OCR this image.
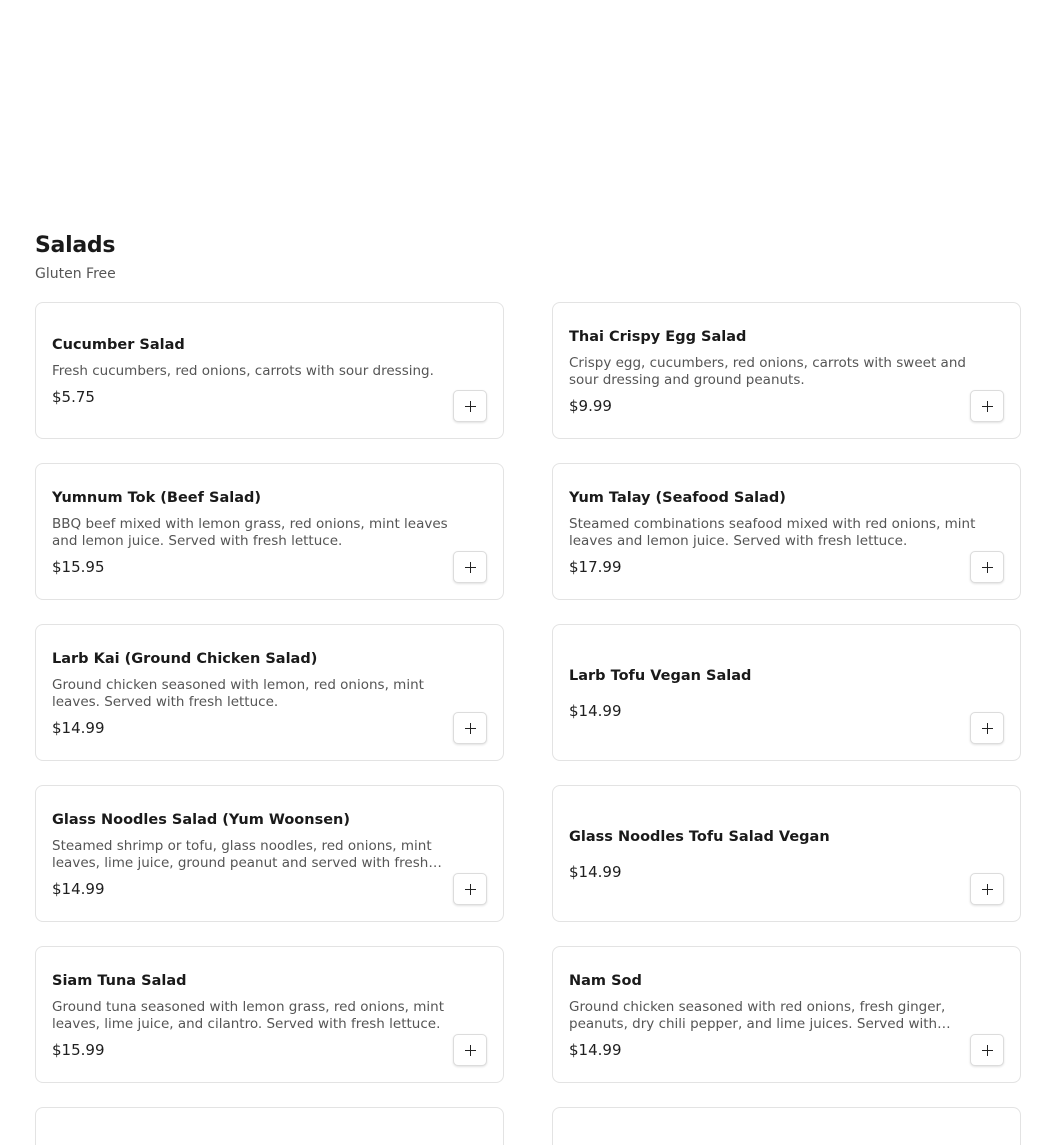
Salads
Gluten Free
Cucumber Salad
Fresh cucumbers, red onions, carrots with sour dressing.
$5.75
Thai Crispy Egg Salad
Crispy egg, cucumbers, red onions, carrots with sweet and sour dressing and ground peanuts.
$9.99
Yumnum Tok (Beef Salad)
BBQ beef mixed with lemon grass, red onions, mint leaves and lemon juice. Served with fresh lettuce.
$15.95
Yum Talay (Seafood Salad)
Steamed combinations seafood mixed with red onions, mint leaves and lemon juice. Served with fresh lettuce.
$17.99
Larb Kai (Ground Chicken Salad)
Ground chicken seasoned with lemon, red onions, mint leaves. Served with fresh lettuce.
$14.99
Larb Tofu Vegan Salad
$14.99
Glass Noodles Salad (Yum Woonsen)
Steamed shrimp or tofu, glass noodles, red onions, mint leaves, lime juice, ground peanut and served with fresh…
$14.99
Glass Noodles Tofu Salad Vegan
$14.99
Siam Tuna Salad
Ground tuna seasoned with lemon grass, red onions, mint leaves, lime juice, and cilantro. Served with fresh lettuce.
$15.99
Nam Sod
Ground chicken seasoned with red onions, fresh ginger, peanuts, dry chili pepper, and lime juices. Served with
$14.99
